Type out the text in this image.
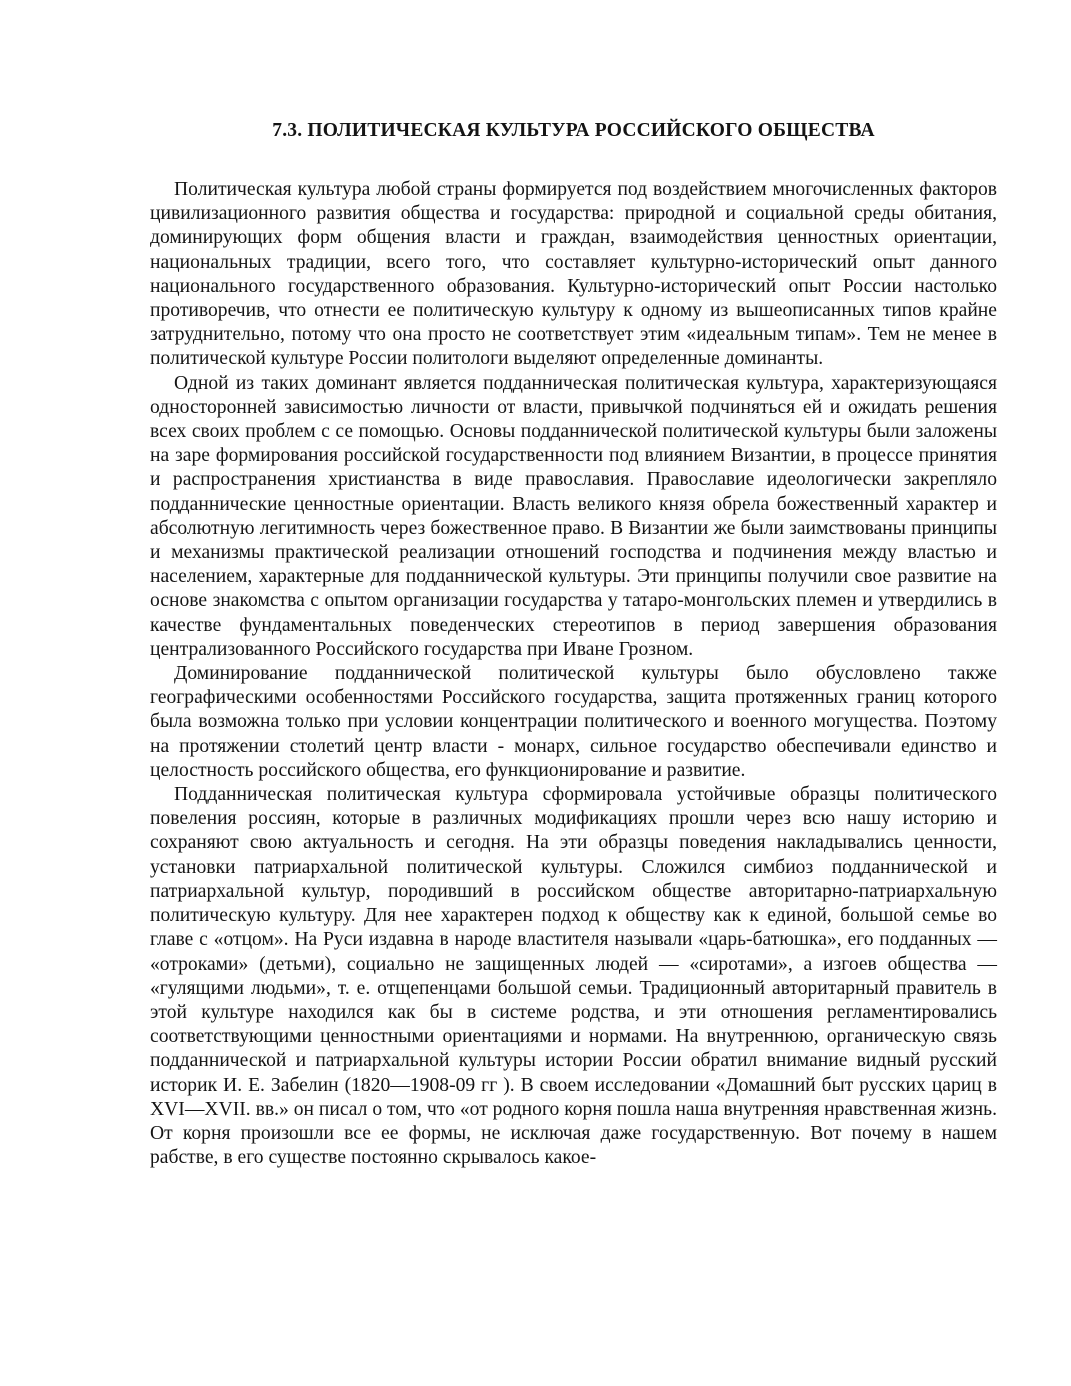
7.3. ПОЛИТИЧЕСКАЯ КУЛЬТУРА РОССИЙСКОГО ОБЩЕСТВА

Политическая культура любой страны формируется под воздействием многочисленных факторов цивилизационного развития общества и государства: природной и социальной среды обитания, доминирующих форм общения власти и граждан, взаимодействия ценностных ориентации, национальных традиции, всего того, что составляет культурно-исторический опыт данного национального государственного образования. Культурно-исторический опыт России настолько противоречив, что отнести ее политическую культуру к одному из вышеописанных типов крайне затруднительно, потому что она просто не соответствует этим «идеальным типам». Тем не менее в политической культуре России политологи выделяют определенные доминанты.

Одной из таких доминант является подданническая политическая культура, характеризующаяся односторонней зависимостью личности от власти, привычкой подчиняться ей и ожидать решения всех своих проблем с се помощью. Основы подданнической политической культуры были заложены на заре формирования российской государственности под влиянием Византии, в процессе принятия и распространения христианства в виде православия. Православие идеологически закрепляло подданнические ценностные ориентации. Власть великого князя обрела божественный характер и абсолютную легитимность через божественное право. В Византии же были заимствованы принципы и механизмы практической реализации отношений господства и подчинения между властью и населением, характерные для подданнической культуры. Эти принципы получили свое развитие на основе знакомства с опытом организации государства у татаро-монгольских племен и утвердились в качестве фундаментальных поведенческих стереотипов в период завершения образования централизованного Российского государства при Иване Грозном.

Доминирование подданнической политической культуры было обусловлено также географическими особенностями Российского государства, защита протяженных границ которого была возможна только при условии концентрации политического и военного могущества. Поэтому на протяжении столетий центр власти - монарх, сильное государство обеспечивали единство и целостность российского общества, его функционирование и развитие.

Подданническая политическая культура сформировала устойчивые образцы политического повеления россиян, которые в различных модификациях прошли через всю нашу историю и сохраняют свою актуальность и сегодня. На эти образцы поведения накладывались ценности, установки патриархальной политической культуры. Сложился симбиоз подданнической и патриархальной культур, породивший в российском обществе авторитарно-патриархальную политическую культуру. Для нее характерен подход к обществу как к единой, большой семье во главе с «отцом». На Руси издавна в народе властителя называли «царь-батюшка», его подданных — «отроками» (детьми), социально не защищенных людей — «сиротами», а изгоев общества — «гулящими людьми», т. е. отщепенцами большой семьи. Традиционный авторитарный правитель в этой культуре находился как бы в системе родства, и эти отношения регламентировались соответствующими ценностными ориентациями и нормами. На внутреннюю, органическую связь подданнической и патриархальной культуры истории России обратил внимание видный русский историк И. Е. Забелин (1820—1908-09 гг ). В своем исследовании «Домашний быт русских цариц в XVI—XVII. вв.» он писал о том, что «от родного корня пошла наша внутренняя нравственная жизнь. От корня произошли все ее формы, не исключая даже государственную. Вот почему в нашем рабстве, в его существе постоянно скрывалось какое-
